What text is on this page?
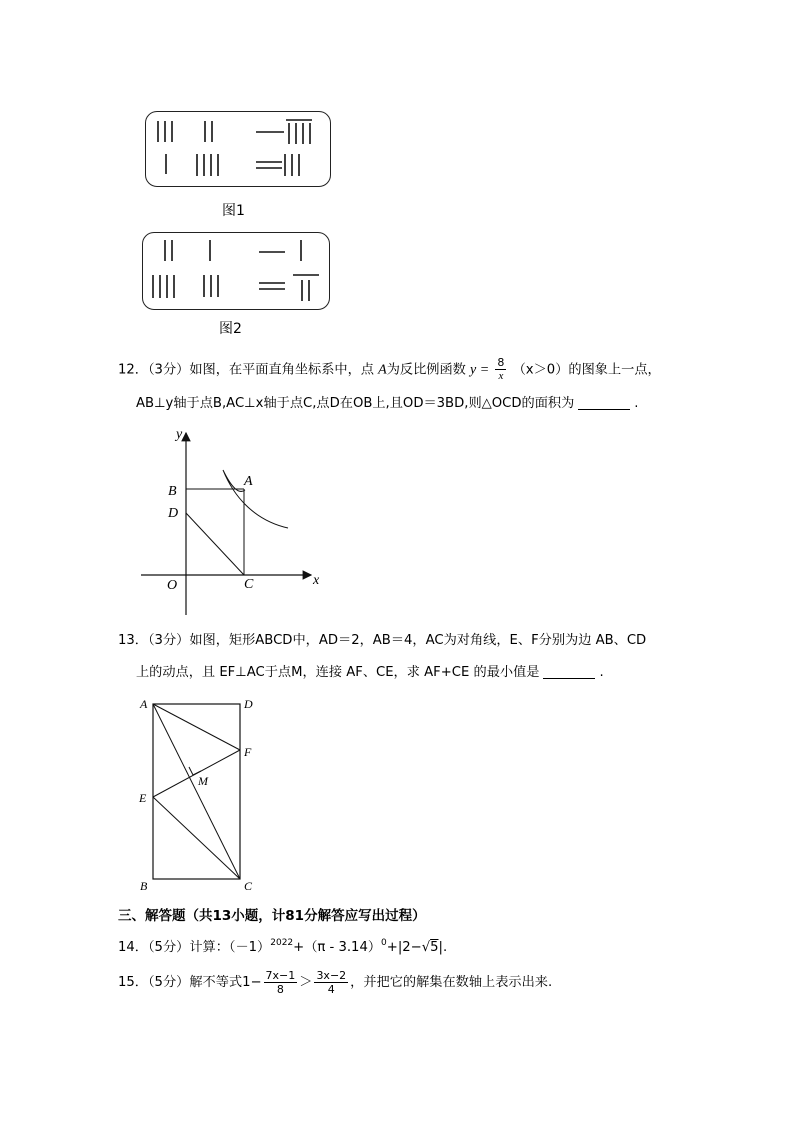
图1
图2
12．（3分）如图，在平面直角坐标系中，点 A为反比例函数 $y = \frac{8}{x} (x>0)$的图象上一点，
AB⊥y轴于点B,AC⊥x轴于点C,点D在OB上,且OD＝3BD,则△OCD的面积为	.
y
x
O
A
B
C
D
13．（3分）如图，矩形ABCD中，AD＝2，AB＝4，AC为对角线，E、F分别为边 AB、CD
上的动点，且 EF⊥AC于点M，连接 AF、CE，求 AF+CE 的最小值是	.
A	D
F
M
E
B	C
三、解答题（共13小题，计81分解答应写出过程）
14．（5分）计算：$(-1)^{2022}+(\pi - 3.14)^0+|2-√5|$.
15．（5分）解不等式$1- \frac{7x-1}{8} > \frac{3x-2}{4}$ ，并把它的解集在数轴上表示出来.
